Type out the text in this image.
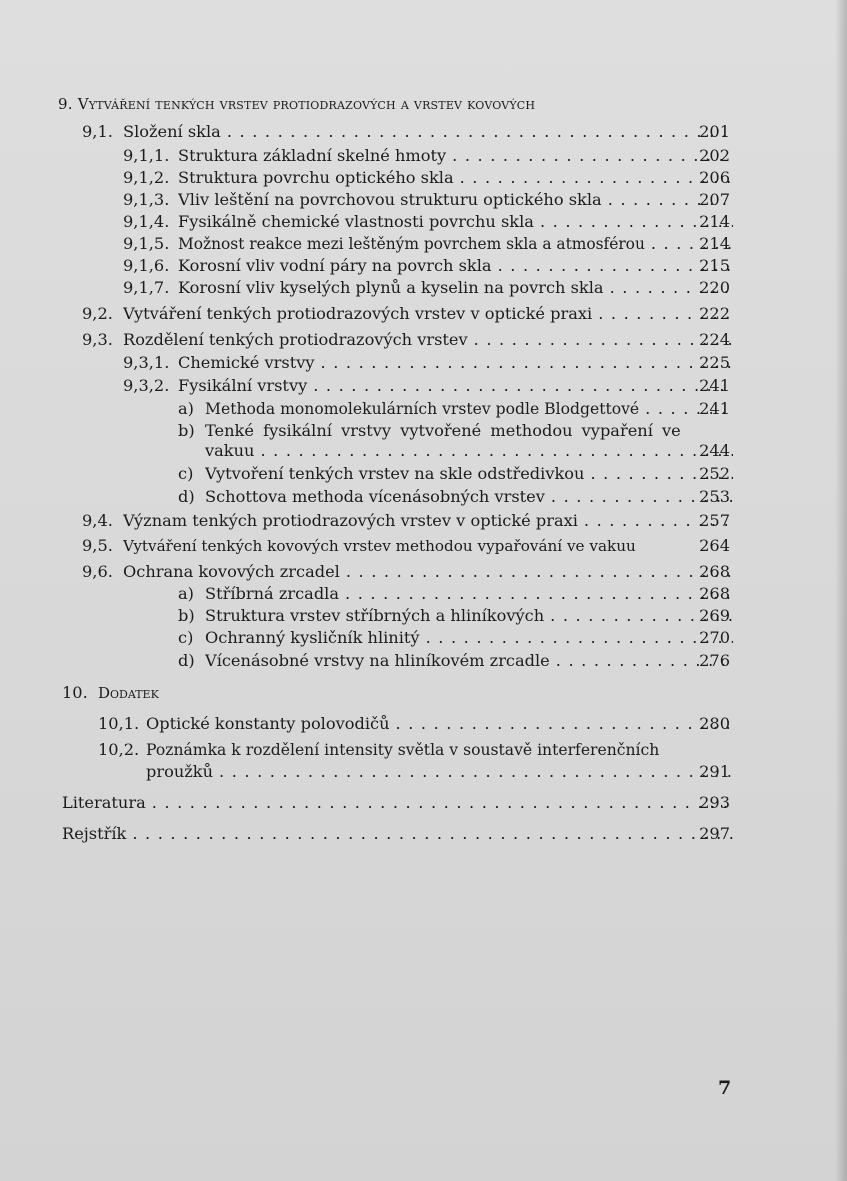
9. Vytváření tenkých vrstev protiodrazových a vrstev kovových
9,1. Složení skla . . .	201
9,1,1. Struktura základní skelné hmoty . . .	202
9,1,2. Struktura povrchu optického skla . . .	206
9,1,3. Vliv leštění na povrchovou strukturu optického skla . . .	207
9,1,4. Fysikálně chemické vlastnosti povrchu skla . . .	214
9,1,5. Možnost reakce mezi leštěným povrchem skla a atmosférou . . .	214
9,1,6. Korosní vliv vodní páry na povrch skla . . .	215
9,1,7. Korosní vliv kyselých plynů a kyselin na povrch skla . . .	220
9,2. Vytváření tenkých protiodrazových vrstev v optické praxi . . .	222
9,3. Rozdělení tenkých protiodrazových vrstev . . .	224
9,3,1. Chemické vrstvy . . .	225
9,3,2. Fysikální vrstvy . . .	241
a) Methoda monomolekulárních vrstev podle Blodgettové . . .	241
b) Tenké fysikální vrstvy vytvořené methodou vypaření ve
vakuu . . .	244
c) Vytvoření tenkých vrstev na skle odstředivkou . . .	252
d) Schottova methoda vícenásobných vrstev . . .	253
9,4. Význam tenkých protiodrazových vrstev v optické praxi . . .	257
9,5. Vytváření tenkých kovových vrstev methodou vypařování ve vakuu	264
9,6. Ochrana kovových zrcadel . . .	268
a) Stříbrná zrcadla . . .	268
b) Struktura vrstev stříbrných a hliníkových . . .	269
c) Ochranný kysličník hlinitý . . .	270
d) Vícenásobné vrstvy na hliníkovém zrcadle . . .	276
10. Dodatek
10,1. Optické konstanty polovodičů . . .	280
10,2. Poznámka k rozdělení intensity světla v soustavě interferenčních
proužků . . .	291
Literatura . . .	293
Rejstřík . . .	297
7
